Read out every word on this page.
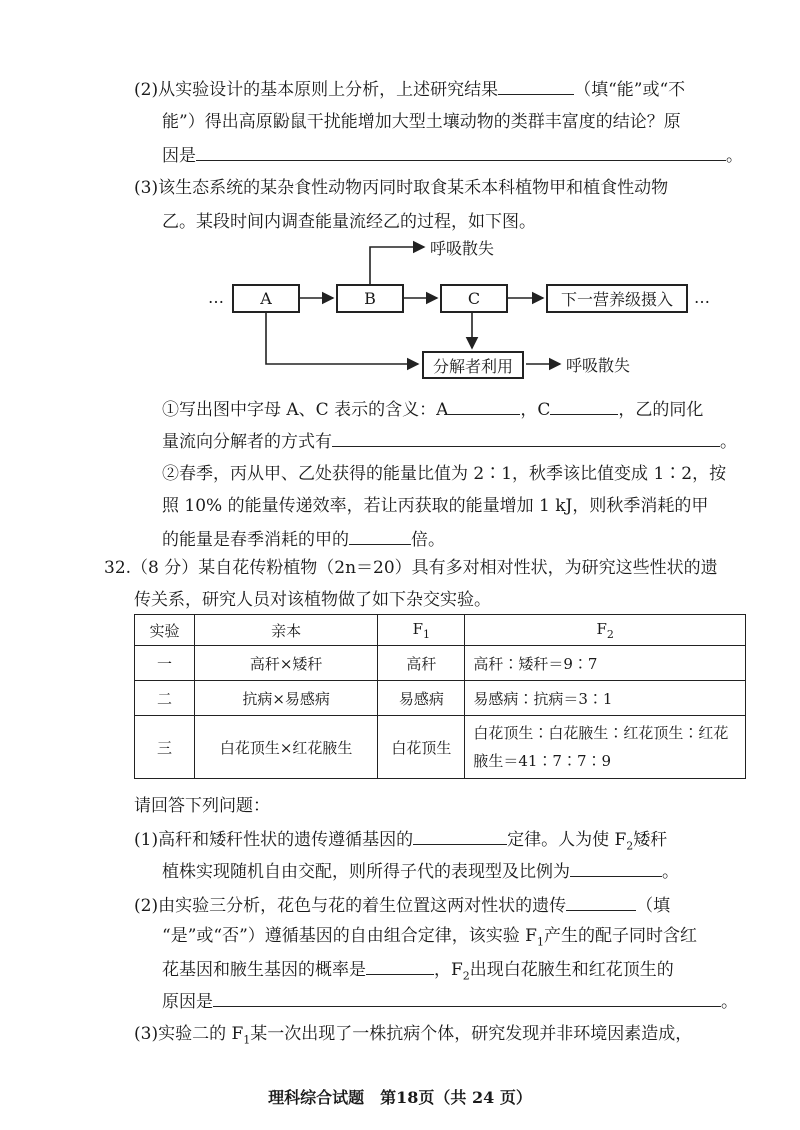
(2)从实验设计的基本原则上分析，上述研究结果	（填“能”或“不
能”）得出高原鼢鼠干扰能增加大型土壤动物的类群丰富度的结论？原
因是	。
(3)该生态系统的某杂食性动物丙同时取食某禾本科植物甲和植食性动物
乙。某段时间内调查能量流经乙的过程，如下图。
…	A	B	C	下一营养级摄入	…
呼吸散失
分解者利用	呼吸散失
①写出图中字母 A、C 表示的含义：A	，C	，乙的同化
量流向分解者的方式有	。
②春季，丙从甲、乙处获得的能量比值为 2∶1，秋季该比值变成 1∶2，按
照 10% 的能量传递效率，若让丙获取的能量增加 1 kJ，则秋季消耗的甲
的能量是春季消耗的甲的	倍。
32.（8 分）某自花传粉植物（2n＝20）具有多对相对性状，为研究这些性状的遗
传关系，研究人员对该植物做了如下杂交实验。
实验	亲本	$F_1$	$F_2$
一	高秆×矮秆	高秆	高秆∶矮秆＝9∶7
二	抗病×易感病	易感病	易感病∶抗病＝3∶1
三	白花顶生×红花腋生	白花顶生	白花顶生∶白花腋生∶红花顶生∶红花腋生＝41∶7∶7∶9
请回答下列问题：
(1)高秆和矮秆性状的遗传遵循基因的	定律。人为使 $F_2$矮秆
植株实现随机自由交配，则所得子代的表现型及比例为	。
(2)由实验三分析，花色与花的着生位置这两对性状的遗传	（填
“是”或“否”）遵循基因的自由组合定律，该实验 $F_1$产生的配子同时含红
花基因和腋生基因的概率是	，$F_2$出现白花腋生和红花顶生的
原因是	。
(3)实验二的 $F_1$某一次出现了一株抗病个体，研究发现并非环境因素造成，
理科综合试题　第18页（共 24 页）
